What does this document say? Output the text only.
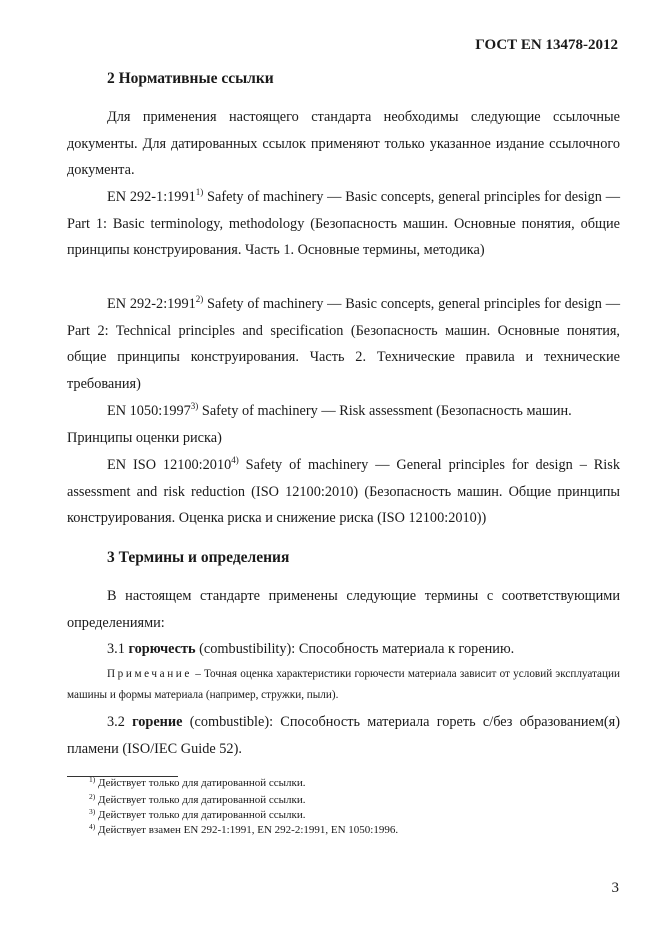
ГОСТ EN 13478-2012
2 Нормативные ссылки
Для применения настоящего стандарта необходимы следующие ссылочные документы. Для датированных ссылок применяют только указанное издание ссылочного документа.
EN 292-1:1991$^{1)}$ Safety of machinery — Basic concepts, general principles for design — Part 1: Basic terminology, methodology (Безопасность машин. Основные понятия, общие принципы конструирования. Часть 1. Основные термины, методика)
EN 292-2:1991$^{2)}$ Safety of machinery — Basic concepts, general principles for design — Part 2: Technical principles and specification (Безопасность машин. Основные понятия, общие принципы конструирования. Часть 2. Технические правила и технические требования)
EN 1050:1997$^{3)}$ Safety of machinery — Risk assessment (Безопасность машин. Принципы оценки риска)
EN ISO 12100:2010$^{4)}$ Safety of machinery — General principles for design – Risk assessment and risk reduction (ISO 12100:2010) (Безопасность машин. Общие принципы конструирования. Оценка риска и снижение риска (ISO 12100:2010))
3 Термины и определения
В настоящем стандарте применены следующие термины с соответствующими определениями:
3.1 горючесть (combustibility): Способность материала к горению.
Примечание – Точная оценка характеристики горючести материала зависит от условий эксплуатации машины и формы материала (например, стружки, пыли).
3.2 горение (combustible): Способность материала гореть с/без образованием(я) пламени (ISO/IEC Guide 52).
$^{1)}$ Действует только для датированной ссылки.
$^{2)}$ Действует только для датированной ссылки.
$^{3)}$ Действует только для датированной ссылки.
$^{4)}$ Действует взамен EN 292-1:1991, EN 292-2:1991, EN 1050:1996.
3
